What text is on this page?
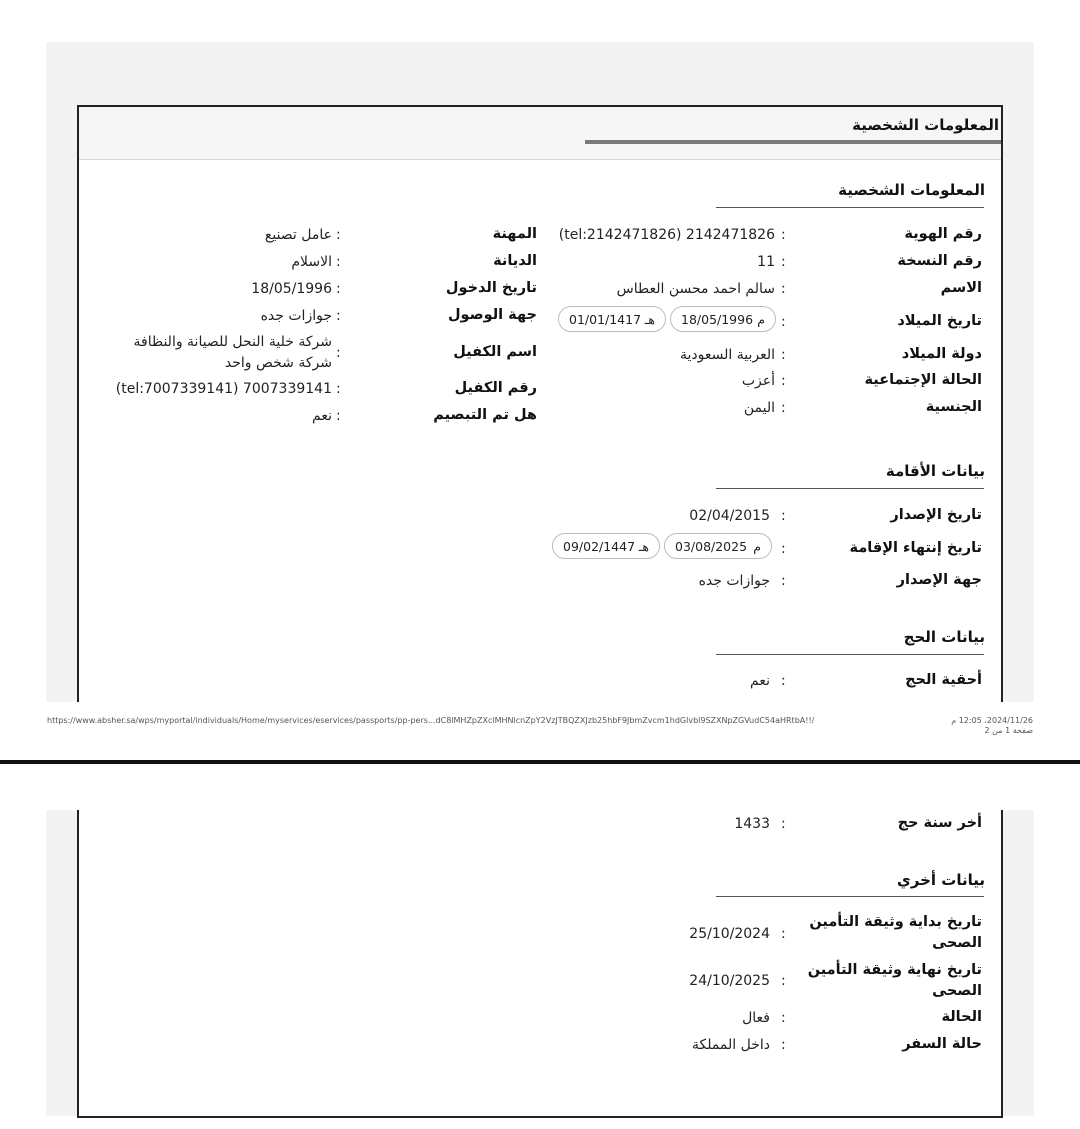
المعلومات الشخصية
المعلومات الشخصية
رقم الهوية
:
(tel:2142471826) 2142471826
رقم النسخة
:
11
الاسم
:
سالم احمد محسن العطاس
تاريخ الميلاد
:
18/05/1996 م
01/01/1417 هـ
دولة الميلاد
:
العربية السعودية
الحالة الإجتماعية
:
أعزب
الجنسية
:
اليمن
المهنة
:
عامل تصنيع
الديانة
:
الاسلام
تاريخ الدخول
:
18/05/1996
جهة الوصول
:
جوازات جده
اسم الكفيل
:
شركة خلية النحل للصيانة والنظافة
شركة شخص واحد
رقم الكفيل
:
(tel:7007339141) 7007339141
هل تم التبصيم
:
نعم
بيانات الأقامة
تاريخ الإصدار
:
02/04/2015
تاريخ إنتهاء الإقامة
:
03/08/2025 م
09/02/1447 هـ
جهة الإصدار
:
جوازات جده
بيانات الحج
أحقية الحج
:
نعم
https://www.absher.sa/wps/myportal/individuals/Home/myservices/eservices/passports/pp-pers...dC8lMHZpZXclMHNlcnZpY2VzJTBQZXJzb25hbF9JbmZvcm1hdGlvbl9SZXNpZGVudC54aHRtbA!!/	2024/11/26، 12:05 م
صفحة 1 من 2
أخر سنة حج
:
1433
بيانات أخري
تاريخ بداية وثيقة التأمين
الصحى
:
25/10/2024
تاريخ نهاية وثيقة التأمين
الصحى
:
24/10/2025
الحالة
:
فعال
حالة السفر
:
داخل المملكة
